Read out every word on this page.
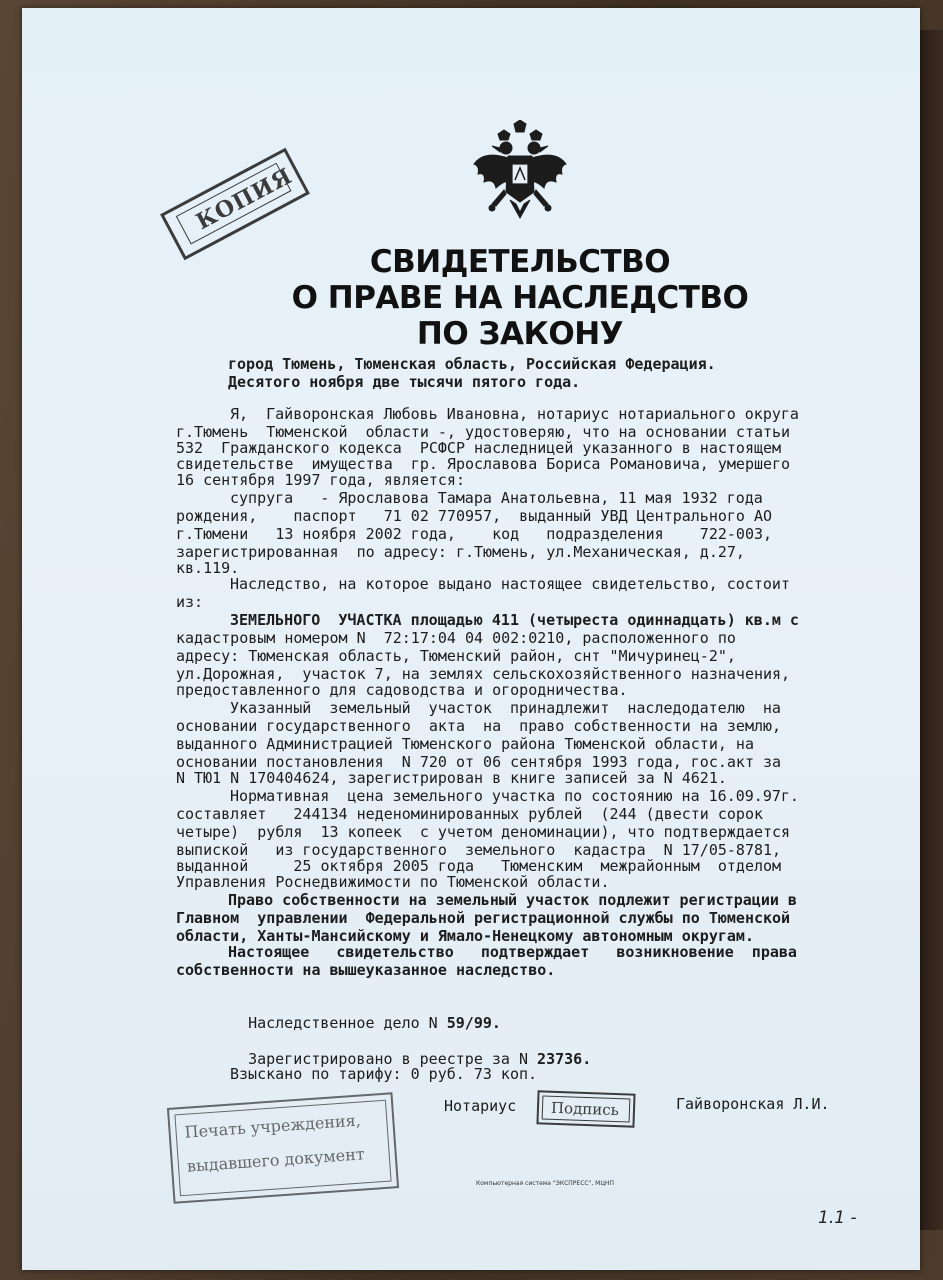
КОПИЯ
СВИДЕТЕЛЬСТВО
О ПРАВЕ НА НАСЛЕДСТВО
ПО ЗАКОНУ
город Тюмень, Тюменская область, Российская Федерация.
Десятого ноября две тысячи пятого года.
Я,  Гайворонская Любовь Ивановна, нотариус нотариального округа
г.Тюмень  Тюменской  области -, удостоверяю, что на основании статьи
532  Гражданского кодекса  РСФСР наследницей указанного в настоящем
свидетельстве  имущества  гр. Ярославова Бориса Романовича, умершего
16 сентября 1997 года, является:
супруга   - Ярославова Тамара Анатольевна, 11 мая 1932 года
рождения,    паспорт   71 02 770957,  выданный УВД Центрального АО
г.Тюмени   13 ноября 2002 года,    код   подразделения    722-003,
зарегистрированная  по адресу: г.Тюмень, ул.Механическая, д.27,
кв.119.
Наследство, на которое выдано настоящее свидетельство, состоит
из:
ЗЕМЕЛЬНОГО  УЧАСТКА площадью 411 (четыреста одиннадцать) кв.м с
кадастровым номером N  72:17:04 04 002:0210, расположенного по
адресу: Тюменская область, Тюменский район, снт "Мичуринец-2",
ул.Дорожная,  участок 7, на землях сельскохозяйственного назначения,
предоставленного для садоводства и огородничества.
Указанный  земельный  участок  принадлежит  наследодателю  на
основании государственного  акта  на  право собственности на землю,
выданного Администрацией Тюменского района Тюменской области, на
основании постановления  N 720 от 06 сентября 1993 года, гос.акт за
N ТЮ1 N 170404624, зарегистрирован в книге записей за N 4621.
Нормативная  цена земельного участка по состоянию на 16.09.97г.
составляет   244134 неденоминированных рублей  (244 (двести сорок
четыре)  рубля  13 копеек  с учетом деноминации), что подтверждается
выпиской   из государственного  земельного  кадастра  N 17/05-8781,
выданной     25 октября 2005 года   Тюменским  межрайонным  отделом
Управления Роснедвижимости по Тюменской области.
Право собственности на земельный участок подлежит регистрации в
Главном  управлении  Федеральной регистрационной службы по Тюменской
области, Ханты-Мансийскому и Ямало-Ненецкому автономным округам.
Настоящее   свидетельство   подтверждает   возникновение  права
собственности на вышеуказанное наследство.

Наследственное дело N 59/99.

Зарегистрировано в реестре за N 23736.

Взыскано по тарифу: 0 руб. 73 коп.
Нотариус Подпись	Гайворонская Л.И.
Печать учреждения,
выдавшего документ
Компьютерная система "ЭКСПРЕСС", МЦНП
1.1 -
